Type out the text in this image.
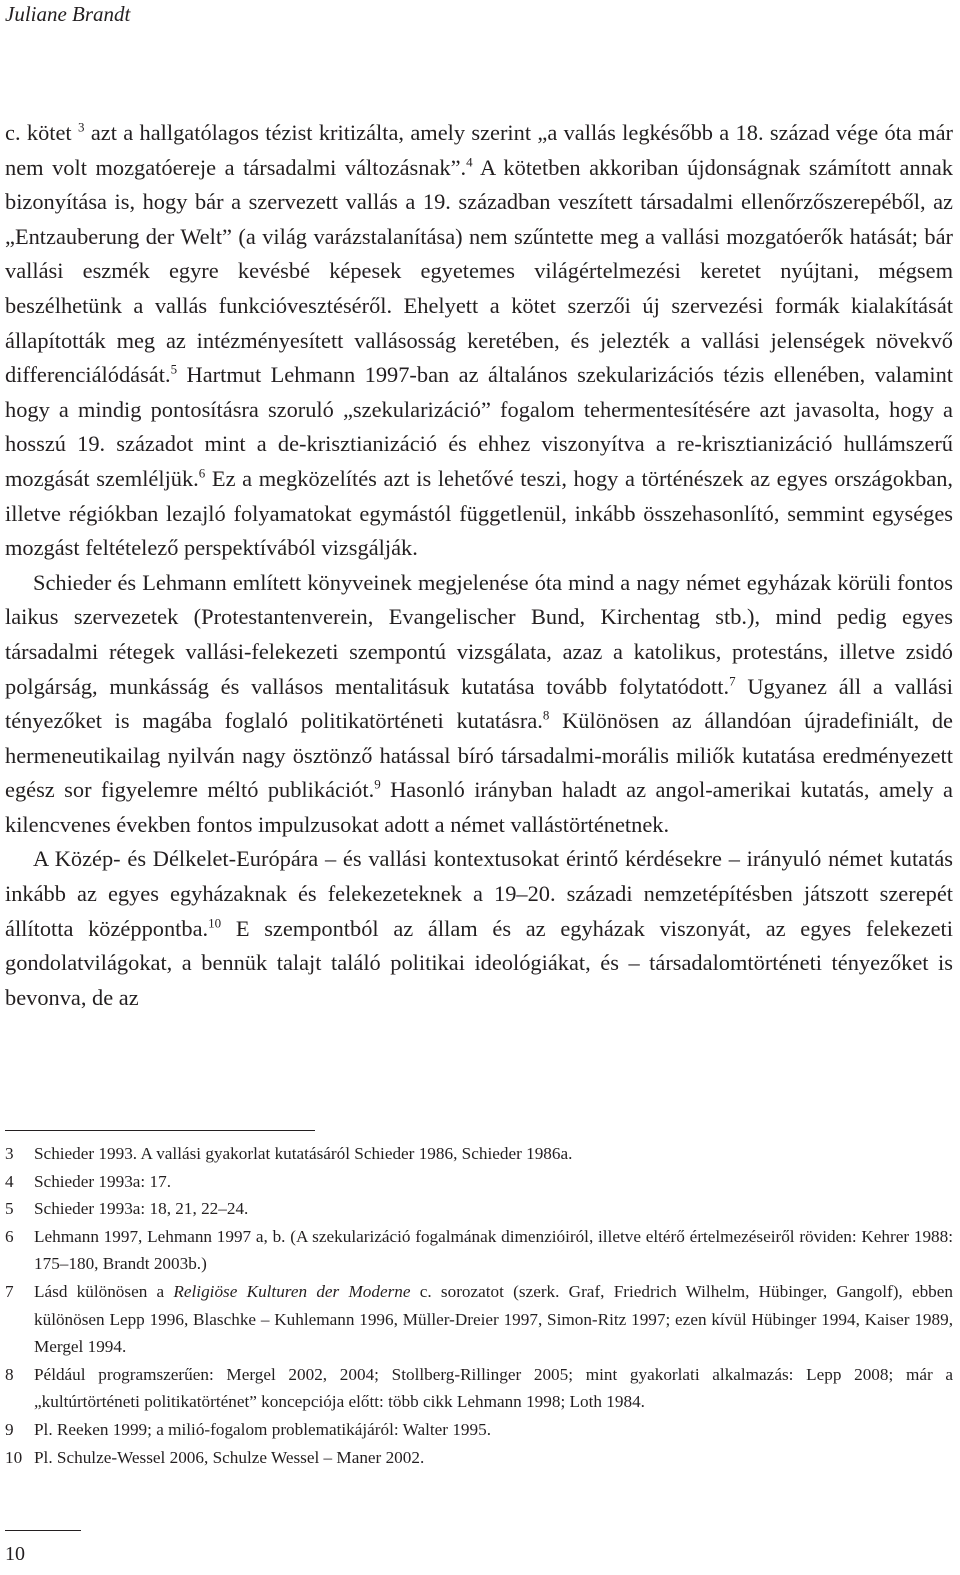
Juliane Brandt

c. kötet $^3$ azt a hallgatólagos tézist kritizálta, amely szerint „a vallás legkésőbb a 18. század vége óta már nem volt mozgatóereje a társadalmi változásnak”.$^4$ A kötetben akkoriban újdonságnak számított annak bizonyítása is, hogy bár a szervezett vallás a 19. században veszített társadalmi ellenőrzőszerepéből, az „Entzauberung der Welt” (a világ varázstalanítása) nem szűntette meg a vallási mozgatóerők hatását; bár vallási eszmék egyre kevésbé képesek egyetemes világértelmezési keretet nyújtani, mégsem beszélhetünk a vallás funkcióvesztéséről. Ehelyett a kötet szerzői új szervezési formák kialakítását állapították meg az intézményesített vallásosság keretében, és jelezték a vallási jelenségek növekvő differenciálódását.$^5$ Hartmut Lehmann 1997-ban az általános szekularizációs tézis ellenében, valamint hogy a mindig pontosításra szoruló „szekularizáció” fogalom tehermentesítésére azt javasolta, hogy a hosszú 19. századot mint a de-krisztianizáció és ehhez viszonyítva a re-krisztianizáció hullámszerű mozgását szemléljük.$^6$ Ez a megközelítés azt is lehetővé teszi, hogy a történészek az egyes országokban, illetve régiókban lezajló folyamatokat egymástól függetlenül, inkább összehasonlító, semmint egységes mozgást feltételező perspektívából vizsgálják.

Schieder és Lehmann említett könyveinek megjelenése óta mind a nagy német egyházak körüli fontos laikus szervezetek (Protestantenverein, Evangelischer Bund, Kirchentag stb.), mind pedig egyes társadalmi rétegek vallási-felekezeti szempontú vizsgálata, azaz a katolikus, protestáns, illetve zsidó polgárság, munkásság és vallásos mentalitásuk kutatása tovább folytatódott.$^7$ Ugyanez áll a vallási tényezőket is magába foglaló politikatörténeti kutatásra.$^8$ Különösen az állandóan újradefiniált, de hermeneutikailag nyilván nagy ösztönző hatással bíró társadalmi-morális miliők kutatása eredményezett egész sor figyelemre méltó publikációt.$^9$ Hasonló irányban haladt az angol-amerikai kutatás, amely a kilencvenes években fontos impulzusokat adott a német vallástörténetnek.

A Közép- és Délkelet-Európára – és vallási kontextusokat érintő kérdésekre – irányuló német kutatás inkább az egyes egyházaknak és felekezeteknek a 19–20. századi nemzetépítésben játszott szerepét állította középpontba.$^{10}$ E szempontból az állam és az egyházak viszonyát, az egyes felekezeti gondolatvilágokat, a bennük talajt találó politikai ideológiákat, és – társadalomtörténeti tényezőket is bevonva, de az

3	Schieder 1993. A vallási gyakorlat kutatásáról Schieder 1986, Schieder 1986a.
4	Schieder 1993a: 17.
5	Schieder 1993a: 18, 21, 22–24.
6	Lehmann 1997, Lehmann 1997 a, b. (A szekularizáció fogalmának dimenzióiról, illetve eltérő értelmezéseiről röviden: Kehrer 1988: 175–180, Brandt 2003b.)
7	Lásd különösen a Religiöse Kulturen der Moderne c. sorozatot (szerk. Graf, Friedrich Wilhelm, Hübinger, Gangolf), ebben különösen Lepp 1996, Blaschke – Kuhlemann 1996, Müller-Dreier 1997, Simon-Ritz 1997; ezen kívül Hübinger 1994, Kaiser 1989, Mergel 1994.
8	Például programszerűen: Mergel 2002, 2004; Stollberg-Rillinger 2005; mint gyakorlati alkalmazás: Lepp 2008; már a „kultúrtörténeti politikatörténet” koncepciója előtt: több cikk Lehmann 1998; Loth 1984.
9	Pl. Reeken 1999; a milió-fogalom problematikájáról: Walter 1995.
10 Pl. Schulze-Wessel 2006, Schulze Wessel – Maner 2002.
10
